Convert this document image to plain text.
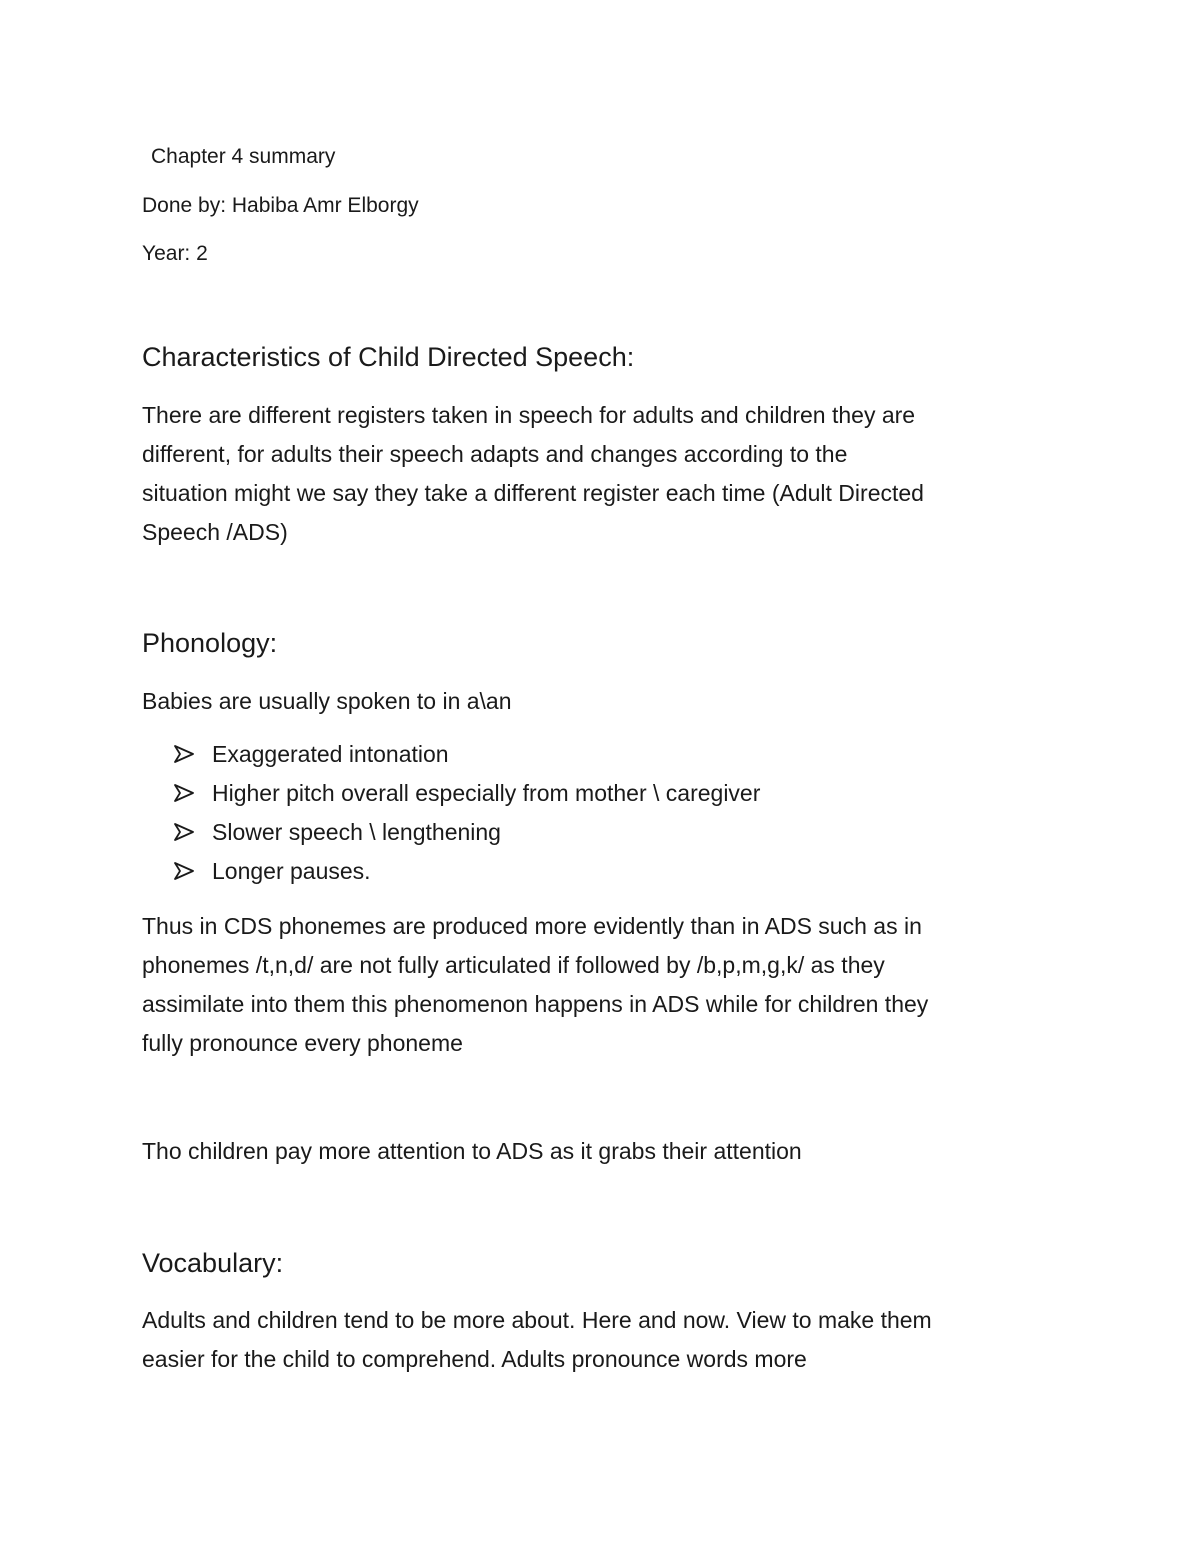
Chapter 4 summary
Done by: Habiba Amr Elborgy
Year: 2
Characteristics of Child Directed Speech:
There are different registers taken in speech for adults and children they are
different, for adults their speech adapts and changes according to the
situation might we say they take a different register each time (Adult Directed
Speech /ADS)
Phonology:
Babies are usually spoken to in a\an
Exaggerated intonation
Higher pitch overall especially from mother \ caregiver
Slower speech \ lengthening
Longer pauses.
Thus in CDS phonemes are produced more evidently than in ADS such as in
phonemes /t,n,d/ are not fully articulated if followed by /b,p,m,g,k/ as they
assimilate into them this phenomenon happens in ADS while for children they
fully pronounce every phoneme
Tho children pay more attention to ADS as it grabs their attention
Vocabulary:
Adults and children tend to be more about. Here and now. View to make them
easier for the child to comprehend. Adults pronounce words more
